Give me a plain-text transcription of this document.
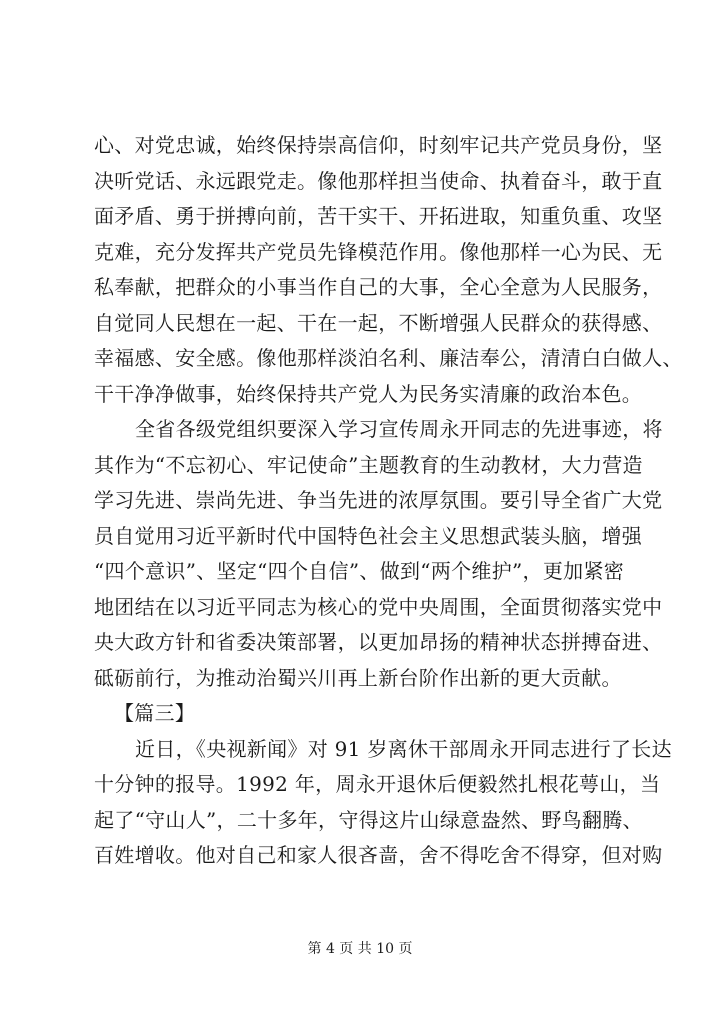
心、对党忠诚，始终保持崇高信仰，时刻牢记共产党员身份，坚
决听党话、永远跟党走。像他那样担当使命、执着奋斗，敢于直
面矛盾、勇于拼搏向前，苦干实干、开拓进取，知重负重、攻坚
克难，充分发挥共产党员先锋模范作用。像他那样一心为民、无
私奉献，把群众的小事当作自己的大事，全心全意为人民服务，
自觉同人民想在一起、干在一起，不断增强人民群众的获得感、
幸福感、安全感。像他那样淡泊名利、廉洁奉公，清清白白做人、
干干净净做事，始终保持共产党人为民务实清廉的政治本色。
全省各级党组织要深入学习宣传周永开同志的先进事迹，将
其作为“不忘初心、牢记使命”主题教育的生动教材，大力营造
学习先进、崇尚先进、争当先进的浓厚氛围。要引导全省广大党
员自觉用习近平新时代中国特色社会主义思想武装头脑，增强
“四个意识”、坚定“四个自信”、做到“两个维护”，更加紧密
地团结在以习近平同志为核心的党中央周围，全面贯彻落实党中
央大政方针和省委决策部署，以更加昂扬的精神状态拼搏奋进、
砥砺前行，为推动治蜀兴川再上新台阶作出新的更大贡献。
【篇三】
近日，《央视新闻》对 91 岁离休干部周永开同志进行了长达
十分钟的报导。1992 年，周永开退休后便毅然扎根花萼山，当
起了“守山人”，二十多年，守得这片山绿意盎然、野鸟翻腾、
百姓增收。他对自己和家人很吝啬，舍不得吃舍不得穿，但对购
第 4 页 共 10 页
